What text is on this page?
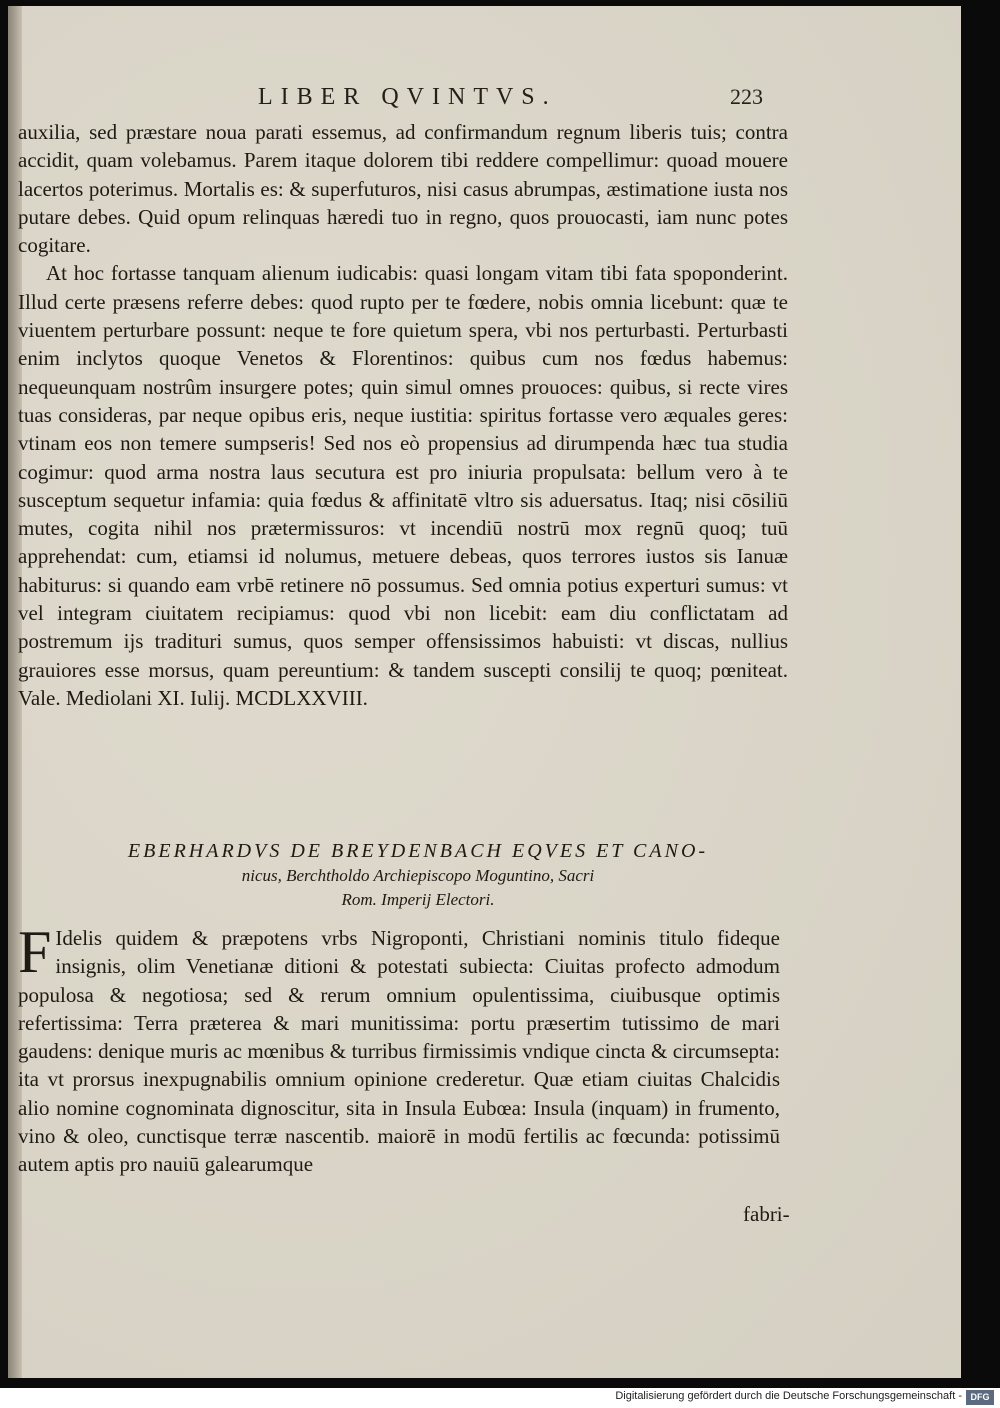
LIBER QVINTVS.	223

auxilia, sed præstare noua parati essemus, ad confirmandum regnum liberis tuis; contra accidit, quam volebamus. Parem itaque dolorem tibi reddere compellimur: quoad mouere lacertos poterimus. Mortalis es: & superfuturos, nisi casus abrumpas, æstimatione iusta nos putare debes. Quid opum relinquas hæredi tuo in regno, quos prouocasti, iam nunc potes cogitare.

At hoc fortasse tanquam alienum iudicabis: quasi longam vitam tibi fata spoponderint. Illud certe præsens referre debes: quod rupto per te fœdere, nobis omnia licebunt: quæ te viuentem perturbare possunt: neque te fore quietum spera, vbi nos perturbasti. Perturbasti enim inclytos quoque Venetos & Florentinos: quibus cum nos fœdus habemus: nequeunquam nostrûm insurgere potes; quin simul omnes prouoces: quibus, si recte vires tuas consideras, par neque opibus eris, neque iustitia: spiritus fortasse vero æquales geres: vtinam eos non temere sumpseris! Sed nos eò propensius ad dirumpenda hæc tua studia cogimur: quod arma nostra laus secutura est pro iniuria propulsata: bellum vero à te susceptum sequetur infamia: quia fœdus & affinitatē vltro sis aduersatus. Itaq; nisi cōsiliū mutes, cogita nihil nos prætermissuros: vt incendiū nostrū mox regnū quoq; tuū apprehendat: cum, etiamsi id nolumus, metuere debeas, quos terrores iustos sis Ianuæ habiturus: si quando eam vrbē retinere nō possumus. Sed omnia potius experturi sumus: vt vel integram ciuitatem recipiamus: quod vbi non licebit: eam diu conflictatam ad postremum ijs tradituri sumus, quos semper offensissimos habuisti: vt discas, nullius grauiores esse morsus, quam pereuntium: & tandem suscepti consilij te quoq; pœniteat. Vale. Mediolani XI. Iulij. MCDLXXVIII.

EBERHARDVS DE BREYDENBACH EQVES ET CANO-
nicus, Berchtholdo Archiepiscopo Moguntino, Sacri
Rom. Imperij Electori.

F Idelis quidem & præpotens vrbs Nigroponti, Christiani nominis titulo fideque insignis, olim Venetianæ ditioni & potestati subiecta: Ciuitas profecto admodum populosa & negotiosa; sed & rerum omnium opulentissima, ciuibusque optimis refertissima: Terra præterea & mari munitissima: portu præsertim tutissimo de mari gaudens: denique muris ac mœnibus & turribus firmissimis vndique cincta & circumsepta: ita vt prorsus inexpugnabilis omnium opinione crederetur. Quæ etiam ciuitas Chalcidis alio nomine cognominata dignoscitur, sita in Insula Eubœa: Insula (inquam) in frumento, vino & oleo, cunctisque terræ nascentib. maiorē in modū fertilis ac fœcunda: potissimū autem aptis pro nauiū galearumque

fabri-
Digitalisierung gefördert durch die Deutsche Forschungsgemeinschaft - DFG
